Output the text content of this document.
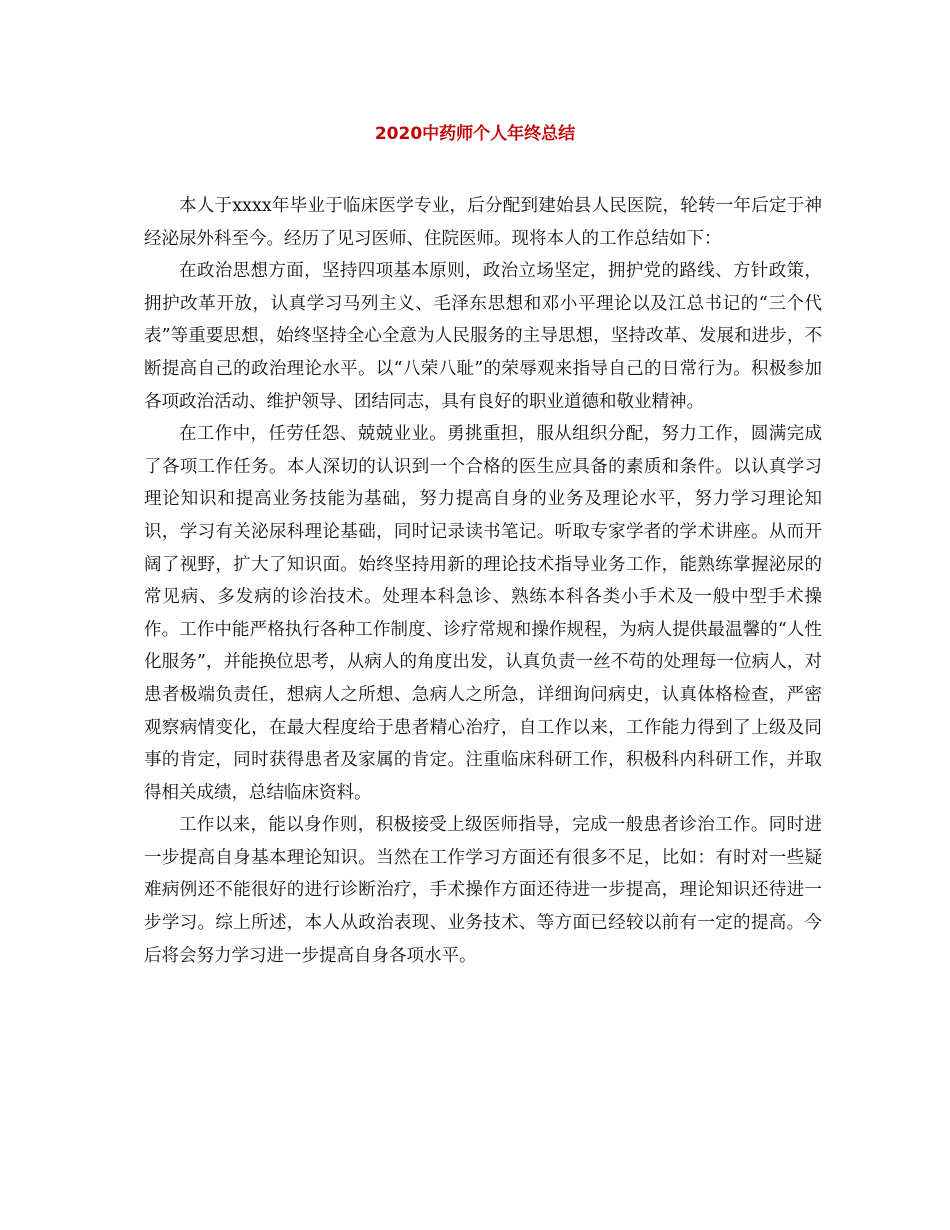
2020中药师个人年终总结

本人于xxxx年毕业于临床医学专业，后分配到建始县人民医院，轮转一年后定于神经泌尿外科至今。经历了见习医师、住院医师。现将本人的工作总结如下：

在政治思想方面，坚持四项基本原则，政治立场坚定，拥护党的路线、方针政策，拥护改革开放，认真学习马列主义、毛泽东思想和邓小平理论以及江总书记的“三个代表”等重要思想，始终坚持全心全意为人民服务的主导思想，坚持改革、发展和进步，不断提高自己的政治理论水平。以“八荣八耻”的荣辱观来指导自己的日常行为。积极参加各项政治活动、维护领导、团结同志，具有良好的职业道德和敬业精神。

在工作中，任劳任怨、兢兢业业。勇挑重担，服从组织分配，努力工作，圆满完成了各项工作任务。本人深切的认识到一个合格的医生应具备的素质和条件。以认真学习理论知识和提高业务技能为基础，努力提高自身的业务及理论水平，努力学习理论知识，学习有关泌尿科理论基础，同时记录读书笔记。听取专家学者的学术讲座。从而开阔了视野，扩大了知识面。始终坚持用新的理论技术指导业务工作，能熟练掌握泌尿的常见病、多发病的诊治技术。处理本科急诊、熟练本科各类小手术及一般中型手术操作。工作中能严格执行各种工作制度、诊疗常规和操作规程，为病人提供最温馨的“人性化服务”，并能换位思考，从病人的角度出发，认真负责一丝不苟的处理每一位病人，对患者极端负责任，想病人之所想、急病人之所急，详细询问病史，认真体格检查，严密观察病情变化，在最大程度给于患者精心治疗，自工作以来，工作能力得到了上级及同事的肯定，同时获得患者及家属的肯定。注重临床科研工作，积极科内科研工作，并取得相关成绩，总结临床资料。

工作以来，能以身作则，积极接受上级医师指导，完成一般患者诊治工作。同时进一步提高自身基本理论知识。当然在工作学习方面还有很多不足，比如：有时对一些疑难病例还不能很好的进行诊断治疗，手术操作方面还待进一步提高，理论知识还待进一步学习。综上所述，本人从政治表现、业务技术、等方面已经较以前有一定的提高。今后将会努力学习进一步提高自身各项水平。
